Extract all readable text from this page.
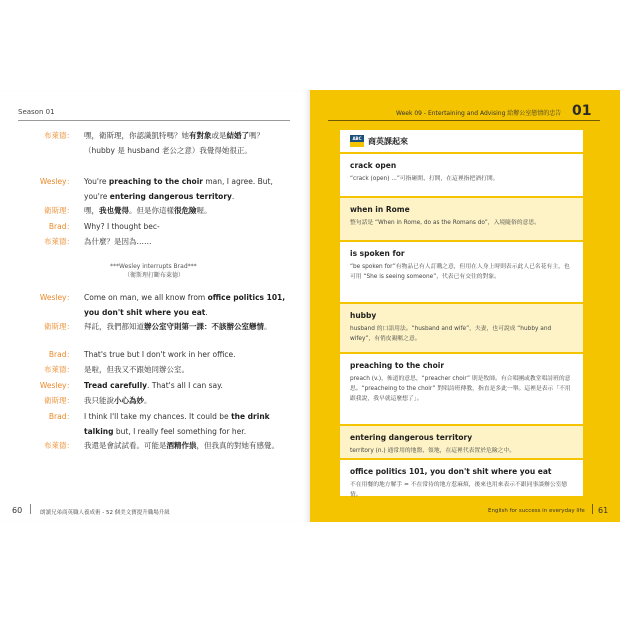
Season 01
布萊德：	嘿，衛斯理，你認識凱特嗎？她有對象或是結婚了嗎？（hubby 是 husband 老公之意）我覺得她很正。
Wesley：	You're preaching to the choir man, I agree. But, you're entering dangerous territory.
衛斯理：	嘿，我也覺得。但是你這樣很危險喔。
Brad：	Why? I thought bec-
布萊德：	為什麼？是因為……
***Wesley interrupts Brad***
（衛斯理打斷布萊德）
Wesley：	Come on man, we all know from office politics 101, you don't shit where you eat.
衛斯理：	拜託，我們都知道辦公室守則第一課：不該辦公室戀情。
Brad：	That's true but I don't work in her office.
布萊德：	是啦，但我又不跟她同辦公室。
Wesley：	Tread carefully. That's all I can say.
衛斯理：	我只能說小心為妙。
Brad：	I think I'll take my chances. It could be the drink talking but, I really feel something for her.
布萊德：	我還是會試試看。可能是酒精作祟，但我真的對她有感覺。
60	朗讀兄弟商英職人養成術 - 52 個美文寶提升職場升級
Week 09 - Entertaining and Advising 給辦公室戀情的忠告 01
ABC 商英課起來
crack open
“crack (open) ...”可指砸開、打開，在這裡指把酒打開。
when in Rome
整句話是 “When in Rome, do as the Romans do”，入境隨俗的意思。
is spoken for
“be spoken for”有物品已有人訂購之意，但用在人身上時則表示此人已名花有主，也可用 “She is seeing someone”，代表已有交往的對象。
hubby
husband 的口語用法。“husband and wife”，夫妻，也可說成 “hubby and wifey”，有俏皮親暱之意。
preaching to the choir
preach (v.)，佈道的意思，“preacher choir” 則是牧師。有合唱團或教堂唱詩班的意思。“preacheing to the choir” 對唱詩班傳教，指直是多此一舉。這裡是表示「不用跟我說，我早就這麼想了」。
entering dangerous territory
territory (n.) 通常用的地盤、領地，在這裡代表置於危險之中。
office politics 101, you don't shit where you eat
不在用餐的地方解手 = 不在常待的地方惹麻煩，後來也用來表示不跟同事談辦公室戀情。
English for success in everyday life 61
